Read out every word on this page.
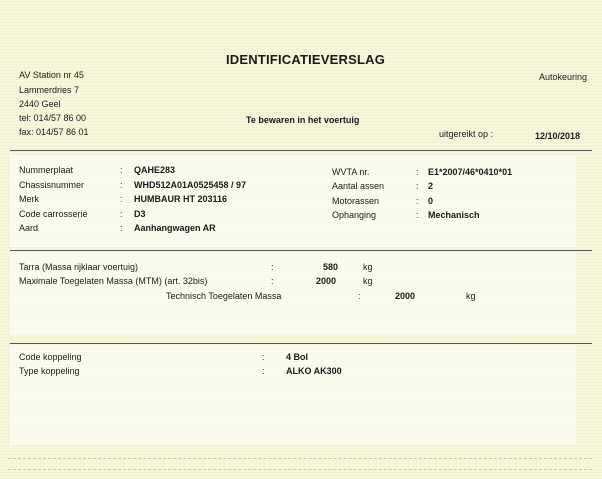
IDENTIFICATIEVERSLAG
AV Station nr 45
Lammerdries 7
2440 Geel
tel: 014/57 86 00
fax: 014/57 86 01
Autokeuring
Te bewaren in het voertuig
uitgereikt op :	12/10/2018
Nummerplaat	: QAHE283
Chassisnummer	: WHD512A01A0525458 / 97
Merk	: HUMBAUR HT 203116
Code carrosserie	: D3
Aard	: Aanhangwagen AR
WVTA nr.	: E1*2007/46*0410*01
Aantal assen	: 2
Motorassen	: 0
Ophanging	: Mechanisch
Tarra (Massa rijklaar voertuig)	:	580	kg
Maximale Toegelaten Massa (MTM) (art. 32bis)	:	2000	kg
Technisch Toegelaten Massa	:	2000	kg
Code koppeling	: 4 Bol
Type koppeling	: ALKO AK300
